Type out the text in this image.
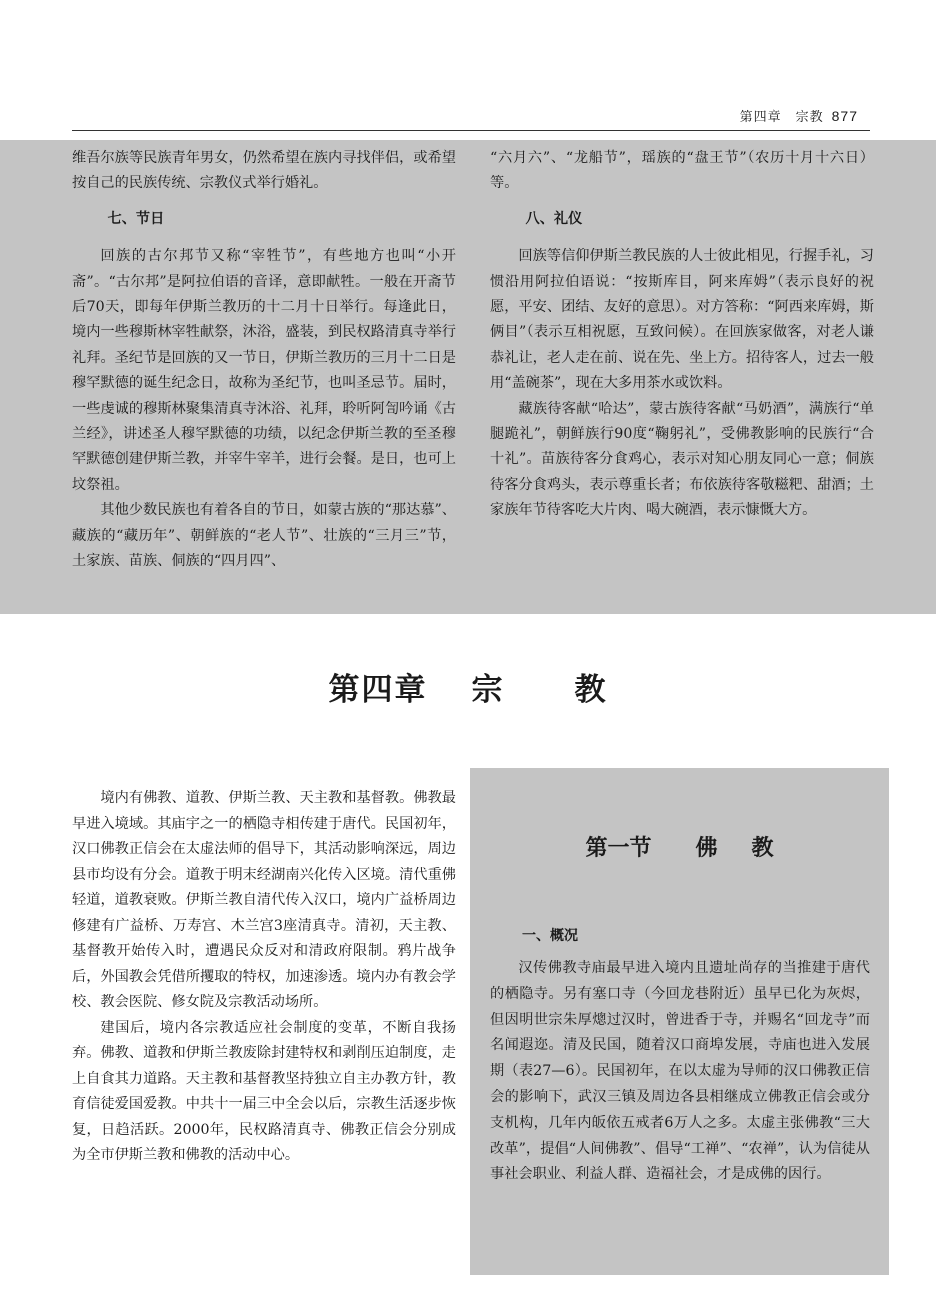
第四章　宗教 877

维吾尔族等民族青年男女，仍然希望在族内寻找伴侣，或希望按自己的民族传统、宗教仪式举行婚礼。

七、节日

回族的古尔邦节又称“宰牲节”，有些地方也叫“小开斋”。“古尔邦”是阿拉伯语的音译，意即献牲。一般在开斋节后70天，即每年伊斯兰教历的十二月十日举行。每逢此日，境内一些穆斯林宰牲献祭，沐浴，盛装，到民权路清真寺举行礼拜。圣纪节是回族的又一节日，伊斯兰教历的三月十二日是穆罕默德的诞生纪念日，故称为圣纪节，也叫圣忌节。届时，一些虔诚的穆斯林聚集清真寺沐浴、礼拜，聆听阿訇吟诵《古兰经》，讲述圣人穆罕默德的功绩，以纪念伊斯兰教的至圣穆罕默德创建伊斯兰教，并宰牛宰羊，进行会餐。是日，也可上坟祭祖。

其他少数民族也有着各自的节日，如蒙古族的“那达慕”、藏族的“藏历年”、朝鲜族的“老人节”、壮族的“三月三”节，土家族、苗族、侗族的“四月四”、

“六月六”、“龙船节”，瑶族的“盘王节”（农历十月十六日）等。

八、礼仪

回族等信仰伊斯兰教民族的人士彼此相见，行握手礼，习惯沿用阿拉伯语说：“按斯库目，阿来库姆”（表示良好的祝愿，平安、团结、友好的意思）。对方答称：“阿西来库姆，斯俩目”（表示互相祝愿，互致问候）。在回族家做客，对老人谦恭礼让，老人走在前、说在先、坐上方。招待客人，过去一般用“盖碗茶”，现在大多用茶水或饮料。

藏族待客献“哈达”，蒙古族待客献“马奶酒”，满族行“单腿跪礼”，朝鲜族行90度“鞠躬礼”，受佛教影响的民族行“合十礼”。苗族待客分食鸡心，表示对知心朋友同心一意；侗族待客分食鸡头，表示尊重长者；布依族待客敬糍粑、甜酒；土家族年节待客吃大片肉、喝大碗酒，表示慷慨大方。

第四章 宗 教

境内有佛教、道教、伊斯兰教、天主教和基督教。佛教最早进入境域。其庙宇之一的栖隐寺相传建于唐代。民国初年，汉口佛教正信会在太虚法师的倡导下，其活动影响深远，周边县市均设有分会。道教于明末经湖南兴化传入区境。清代重佛轻道，道教衰败。伊斯兰教自清代传入汉口，境内广益桥周边修建有广益桥、万寿宫、木兰宫3座清真寺。清初，天主教、基督教开始传入时，遭遇民众反对和清政府限制。鸦片战争后，外国教会凭借所攫取的特权，加速渗透。境内办有教会学校、教会医院、修女院及宗教活动场所。

建国后，境内各宗教适应社会制度的变革，不断自我扬弃。佛教、道教和伊斯兰教废除封建特权和剥削压迫制度，走上自食其力道路。天主教和基督教坚持独立自主办教方针，教育信徒爱国爱教。中共十一届三中全会以后，宗教生活逐步恢复，日趋活跃。2000年，民权路清真寺、佛教正信会分别成为全市伊斯兰教和佛教的活动中心。

第一节 佛 教
一、概况

汉传佛教寺庙最早进入境内且遗址尚存的当推建于唐代的栖隐寺。另有塞口寺（今回龙巷附近）虽早已化为灰烬，但因明世宗朱厚熜过汉时，曾进香于寺，并赐名“回龙寺”而名闻遐迩。清及民国，随着汉口商埠发展，寺庙也进入发展期（表27—6）。民国初年，在以太虚为导师的汉口佛教正信会的影响下，武汉三镇及周边各县相继成立佛教正信会或分支机构，几年内皈依五戒者6万人之多。太虚主张佛教“三大改革”，提倡“人间佛教”、倡导“工禅”、“农禅”，认为信徒从事社会职业、利益人群、造福社会，才是成佛的因行。
